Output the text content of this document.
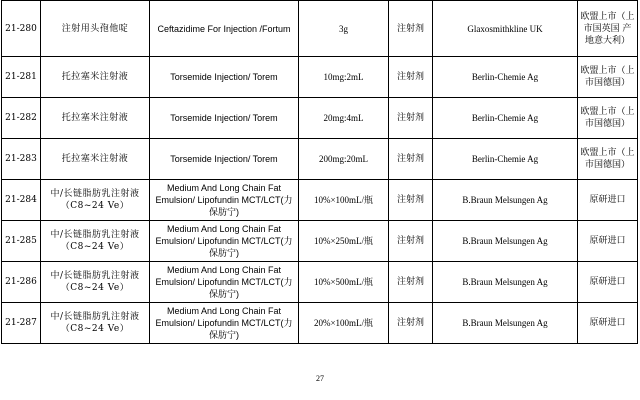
21-280	注射用头孢他啶	Ceftazidime For Injection /Fortum	3g	注射剂	Glaxosmithkline UK	欧盟上市（上市国英国 产地意大利）
21-281	托拉塞米注射液	Torsemide Injection/ Torem	10mg:2mL	注射剂	Berlin-Chemie Ag	欧盟上市（上市国德国）
21-282	托拉塞米注射液	Torsemide Injection/ Torem	20mg:4mL	注射剂	Berlin-Chemie Ag	欧盟上市（上市国德国）
21-283	托拉塞米注射液	Torsemide Injection/ Torem	200mg:20mL	注射剂	Berlin-Chemie Ag	欧盟上市（上市国德国）
21-284	中/长链脂肪乳注射液（C8~24 Ve）	Medium And Long Chain Fat Emulsion/ Lipofundin MCT/LCT(力保肪宁)	10%×100mL/瓶	注射剂	B.Braun Melsungen Ag	原研进口
21-285	中/长链脂肪乳注射液（C8~24 Ve）	Medium And Long Chain Fat Emulsion/ Lipofundin MCT/LCT(力保肪宁)	10%×250mL/瓶	注射剂	B.Braun Melsungen Ag	原研进口
21-286	中/长链脂肪乳注射液（C8~24 Ve）	Medium And Long Chain Fat Emulsion/ Lipofundin MCT/LCT(力保肪宁)	10%×500mL/瓶	注射剂	B.Braun Melsungen Ag	原研进口
21-287	中/长链脂肪乳注射液（C8~24 Ve）	Medium And Long Chain Fat Emulsion/ Lipofundin MCT/LCT(力保肪宁)	20%×100mL/瓶	注射剂	B.Braun Melsungen Ag	原研进口
27
